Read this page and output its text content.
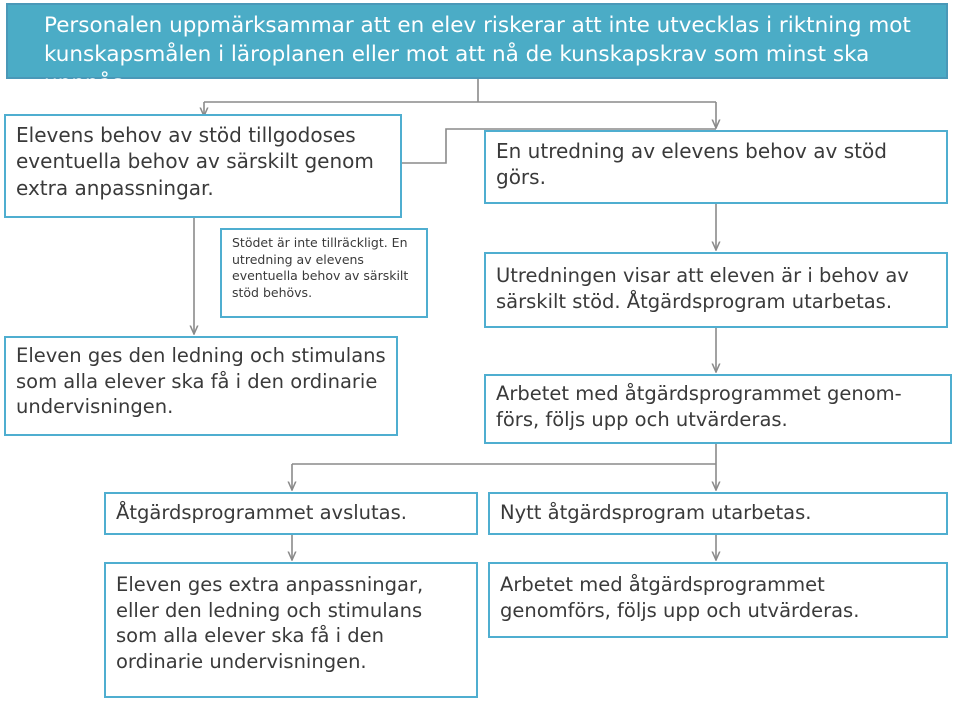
Personalen uppmärksammar att en elev riskerar att inte utvecklas i riktning mot kunskapsmålen i läroplanen eller mot att nå de kunskapskrav som minst ska uppnås.
Elevens behov av stöd tillgodoses eventuella behov av särskilt genom extra anpassningar.
En utredning av elevens behov av stöd görs.
Stödet är inte tillräckligt. En utredning av elevens eventuella behov av särskilt stöd behövs.
Utredningen visar att eleven är i behov av särskilt stöd. Åtgärdsprogram utarbetas.
Eleven ges den ledning och stimulans som alla elever ska få i den ordinarie undervisningen.
Arbetet med åtgärdsprogrammet genom-förs, följs upp och utvärderas.
Åtgärdsprogrammet avslutas.	Nytt åtgärdsprogram utarbetas.
Eleven ges extra anpassningar, eller den ledning och stimulans som alla elever ska få i den ordinarie undervisningen.
Arbetet med åtgärdsprogrammet genomförs, följs upp och utvärderas.
